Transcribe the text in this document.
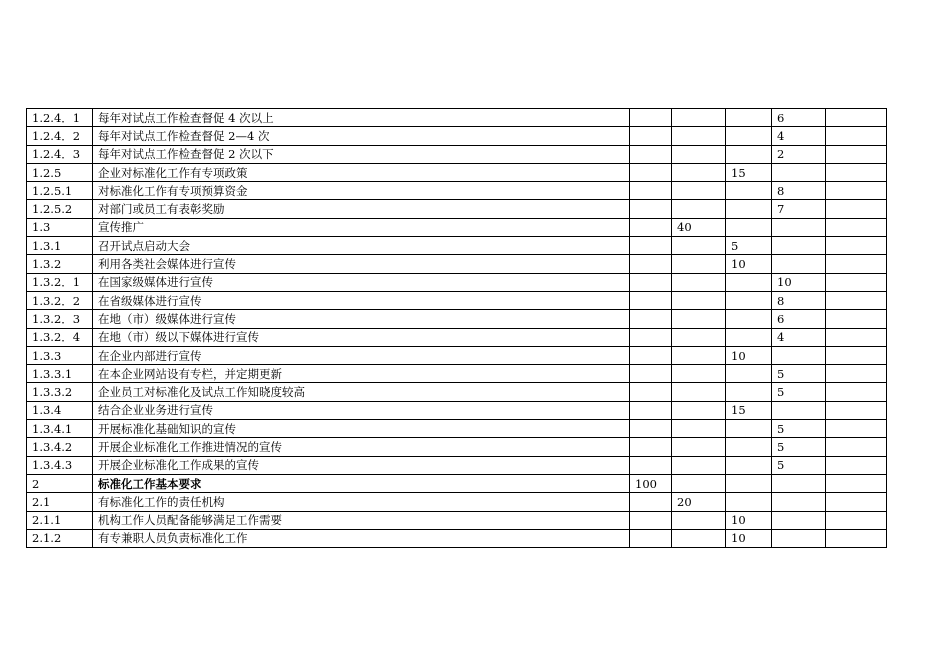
1.2.4．1	每年对试点工作检查督促 4 次以上				6	
1.2.4．2	每年对试点工作检查督促 2—4 次				4	
1.2.4．3	每年对试点工作检查督促 2 次以下				2	
1.2.5	企业对标准化工作有专项政策			15		
1.2.5.1	对标准化工作有专项预算资金				8	
1.2.5.2	对部门或员工有表彰奖励				7	
1.3	宣传推广		40			
1.3.1	召开试点启动大会			5		
1.3.2	利用各类社会媒体进行宣传			10		
1.3.2．1	在国家级媒体进行宣传				10	
1.3.2．2	在省级媒体进行宣传				8	
1.3.2．3	在地（市）级媒体进行宣传				6	
1.3.2．4	在地（市）级以下媒体进行宣传				4	
1.3.3	在企业内部进行宣传			10		
1.3.3.1	在本企业网站设有专栏，并定期更新				5	
1.3.3.2	企业员工对标准化及试点工作知晓度较高				5	
1.3.4	结合企业业务进行宣传			15		
1.3.4.1	开展标准化基础知识的宣传				5	
1.3.4.2	开展企业标准化工作推进情况的宣传				5	
1.3.4.3	开展企业标准化工作成果的宣传				5	
2	标准化工作基本要求	100				
2.1	有标准化工作的责任机构		20			
2.1.1	机构工作人员配备能够满足工作需要			10		
2.1.2	有专兼职人员负责标准化工作			10		
